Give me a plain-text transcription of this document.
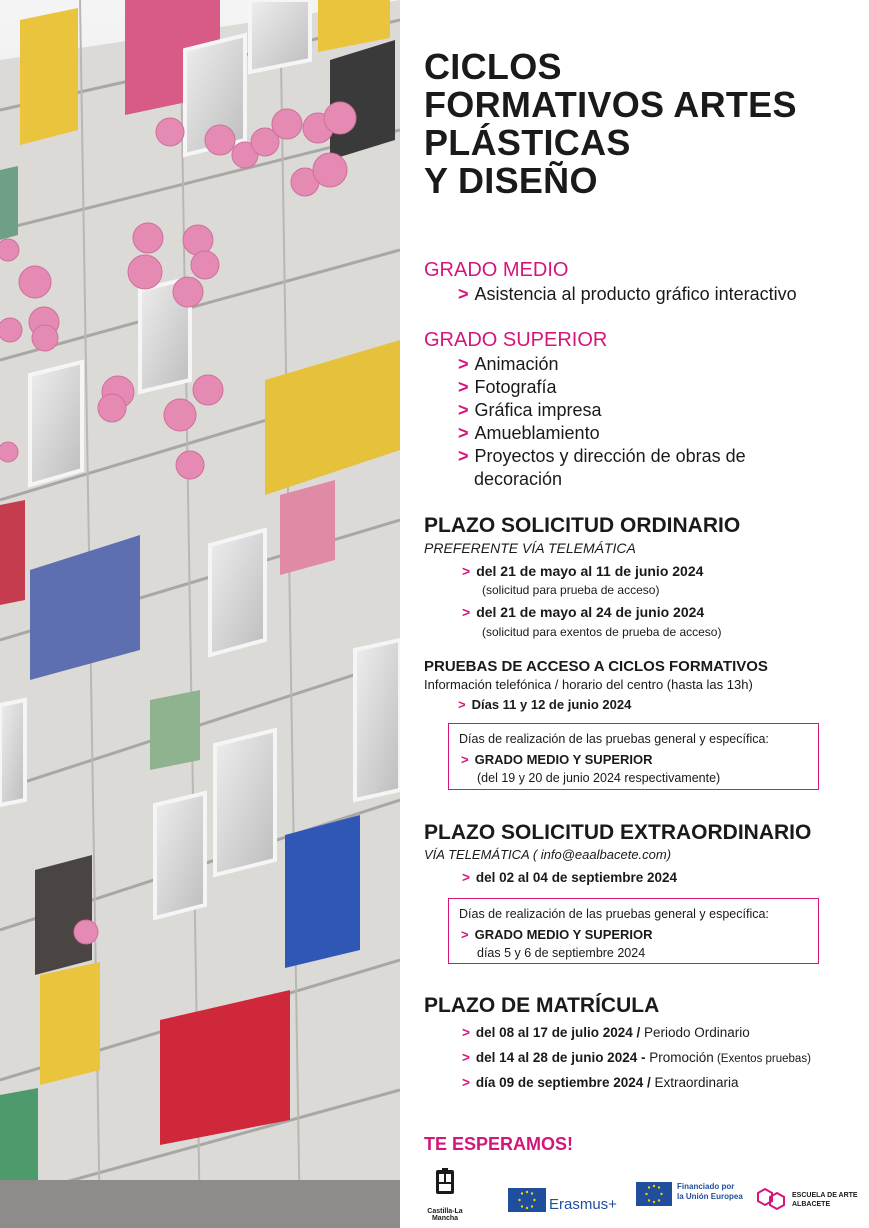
CICLOS
FORMATIVOS ARTES
PLÁSTICAS
Y DISEÑO
GRADO MEDIO
> Asistencia al producto gráfico interactivo
GRADO SUPERIOR
> Animación
> Fotografía
> Gráfica impresa
> Amueblamiento
> Proyectos y dirección de obras de
decoración
PLAZO SOLICITUD ORDINARIO
PREFERENTE VÍA TELEMÁTICA
> del 21 de mayo al 11 de junio 2024
(solicitud para prueba de acceso)
> del 21 de mayo al 24 de junio 2024
(solicitud para exentos de prueba de acceso)
PRUEBAS DE ACCESO A CICLOS FORMATIVOS
Información telefónica / horario del centro (hasta las 13h)
> Días 11 y 12 de junio 2024
Días de realización de las pruebas general y específica:
> GRADO MEDIO Y SUPERIOR
(del 19 y 20 de junio 2024 respectivamente)
PLAZO SOLICITUD EXTRAORDINARIO
VÍA TELEMÁTICA ( info@eaalbacete.com)
> del 02 al 04 de septiembre 2024
Días de realización de las pruebas general y específica:
> GRADO MEDIO Y SUPERIOR
días 5 y 6 de septiembre 2024
PLAZO DE MATRÍCULA
> del 08 al 17 de julio 2024 / Periodo Ordinario
> del 14 al 28 de junio 2024 - Promoción (Exentos pruebas)
> día 09 de septiembre 2024 / Extraordinaria
TE ESPERAMOS!
Castilla-La Mancha
Erasmus+
Financiado por
la Unión Europea	ESCUELA DE ARTE
ALBACETE
